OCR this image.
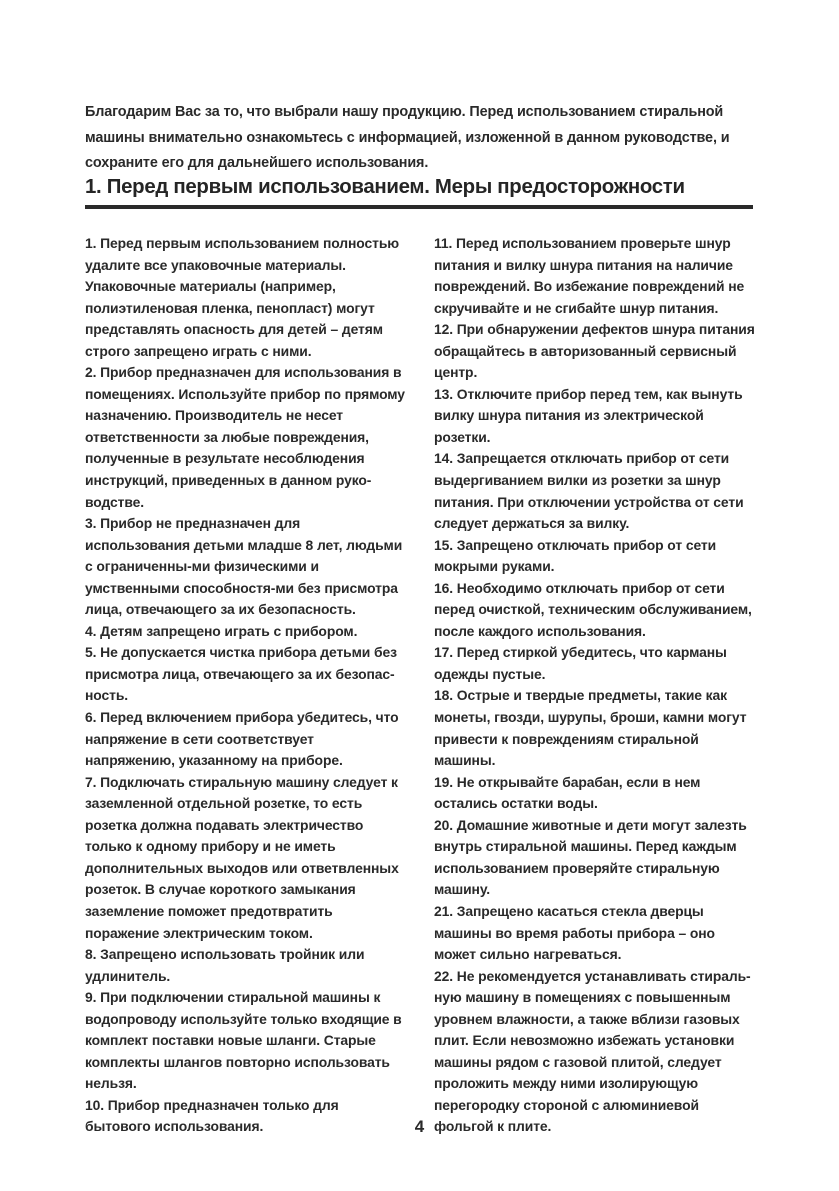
Благодарим Вас за то, что выбрали нашу продукцию. Перед использованием стиральной машины внимательно ознакомьтесь с информацией, изложенной в данном руководстве, и сохраните его для дальнейшего использования.

1. Перед первым использованием. Меры предосторожности

1. Перед первым использованием полностью удалите все упаковочные материалы. Упаковочные материалы (например, полиэтиленовая пленка, пенопласт) могут представлять опасность для детей – детям строго запрещено играть с ними.

2. Прибор предназначен для использования в помещениях. Используйте прибор по прямому назначению. Производитель не несет ответственности за любые повреждения, полученные в результате несоблюдения инструкций, приведенных в данном руко-водстве.

3. Прибор не предназначен для использования детьми младше 8 лет, людьми с ограниченны-ми физическими и умственными способностя-ми без присмотра лица, отвечающего за их безопасность.

4. Детям запрещено играть с прибором.

5. Не допускается чистка прибора детьми без присмотра лица, отвечающего за их безопас-ность.

6. Перед включением прибора убедитесь, что напряжение в сети соответствует напряжению, указанному на приборе.

7. Подключать стиральную машину следует к заземленной отдельной розетке, то есть розетка должна подавать электричество только к одному прибору и не иметь дополнительных выходов или ответвленных розеток. В случае короткого замыкания заземление поможет предотвратить поражение электрическим током.

8. Запрещено использовать тройник или удлинитель.

9. При подключении стиральной машины к водопроводу используйте только входящие в комплект поставки новые шланги. Старые комплекты шлангов повторно использовать нельзя.

10. Прибор предназначен только для бытового использования.

11. Перед использованием проверьте шнур питания и вилку шнура питания на наличие повреждений. Во избежание повреждений не скручивайте и не сгибайте шнур питания.

12. При обнаружении дефектов шнура питания обращайтесь в авторизованный сервисный центр.

13. Отключите прибор перед тем, как вынуть вилку шнура питания из электрической розетки.

14. Запрещается отключать прибор от сети выдергиванием вилки из розетки за шнур питания. При отключении устройства от сети следует держаться за вилку.

15. Запрещено отключать прибор от сети мокрыми руками.

16. Необходимо отключать прибор от сети перед очисткой, техническим обслуживанием, после каждого использования.

17. Перед стиркой убедитесь, что карманы одежды пустые.

18. Острые и твердые предметы, такие как монеты, гвозди, шурупы, броши, камни могут привести к повреждениям стиральной машины.

19. Не открывайте барабан, если в нем остались остатки воды.

20. Домашние животные и дети могут залезть внутрь стиральной машины. Перед каждым использованием проверяйте стиральную машину.

21. Запрещено касаться стекла дверцы машины во время работы прибора – оно может сильно нагреваться.

22. Не рекомендуется устанавливать стираль-ную машину в помещениях с повышенным уровнем влажности, а также вблизи газовых плит. Если невозможно избежать установки машины рядом с газовой плитой, следует проложить между ними изолирующую перегородку стороной с алюминиевой фольгой к плите.

4
